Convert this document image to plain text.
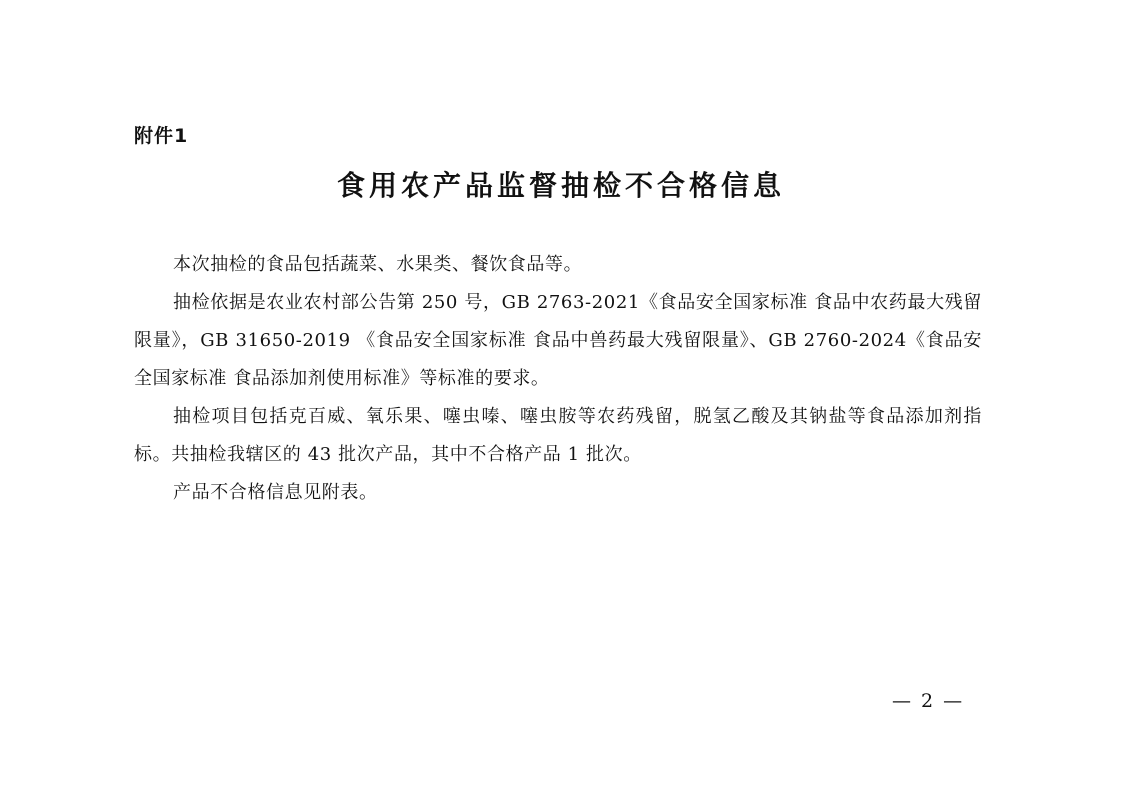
附件1
食用农产品监督抽检不合格信息

本次抽检的食品包括蔬菜、水果类、餐饮食品等。

抽检依据是农业农村部公告第 250 号，GB 2763-2021《食品安全国家标准 食品中农药最大残留限量》，GB 31650-2019 《食品安全国家标准 食品中兽药最大残留限量》、GB 2760-2024《食品安全国家标准 食品添加剂使用标准》等标准的要求。

抽检项目包括克百威、氧乐果、噻虫嗪、噻虫胺等农药残留，脱氢乙酸及其钠盐等食品添加剂指标。共抽检我辖区的 43 批次产品，其中不合格产品 1 批次。

产品不合格信息见附表。

— 2 —
